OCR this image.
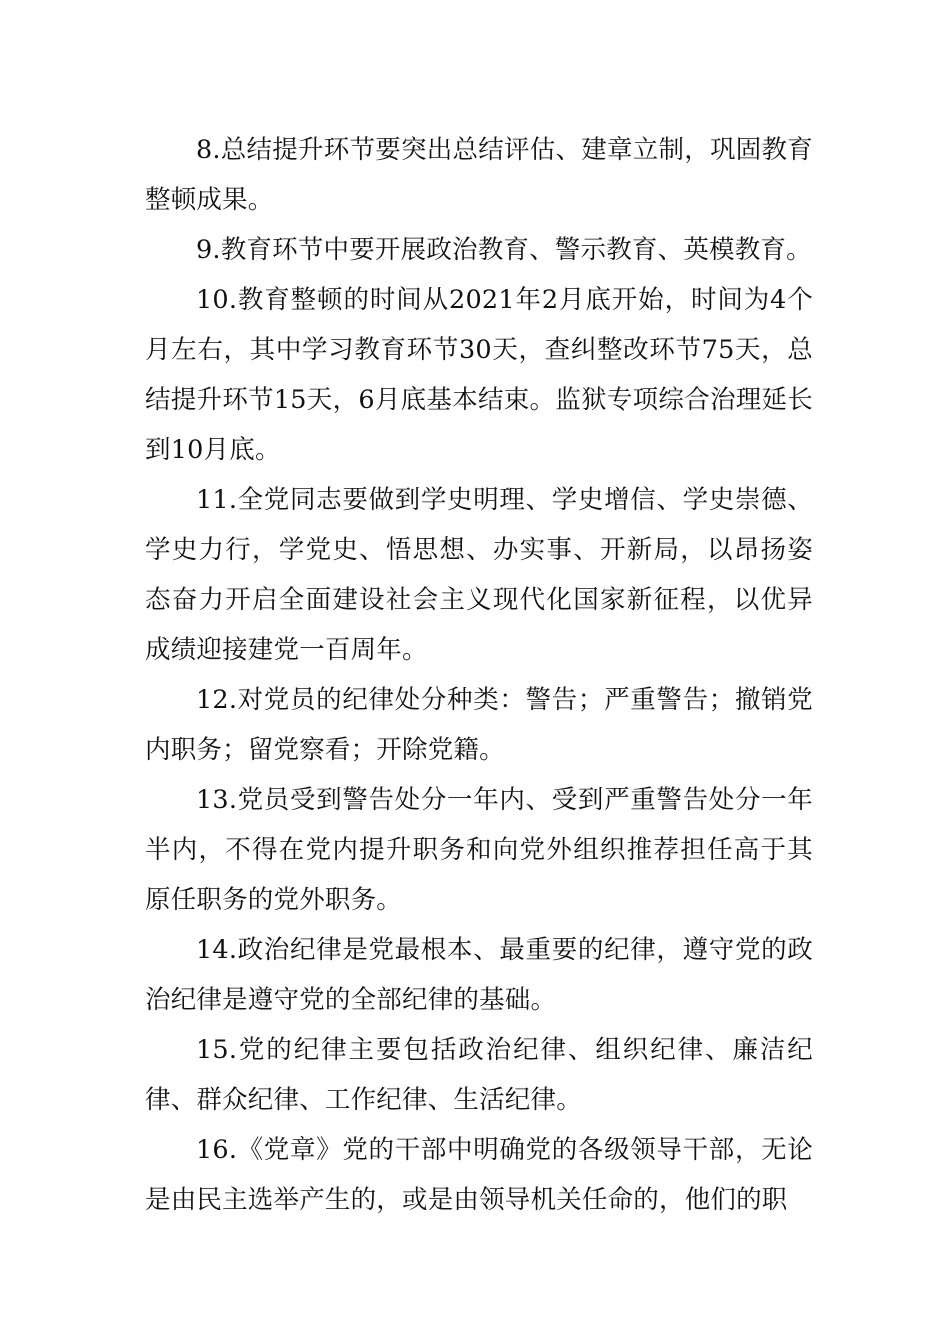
8.总结提升环节要突出总结评估、建章立制，巩固教育整顿成果。

9.教育环节中要开展政治教育、警示教育、英模教育。

10.教育整顿的时间从2021年2月底开始，时间为4个月左右，其中学习教育环节30天，查纠整改环节75天，总结提升环节15天，6月底基本结束。监狱专项综合治理延长到10月底。

11.全党同志要做到学史明理、学史增信、学史崇德、学史力行，学党史、悟思想、办实事、开新局，以昂扬姿态奋力开启全面建设社会主义现代化国家新征程，以优异成绩迎接建党一百周年。

12.对党员的纪律处分种类：警告；严重警告；撤销党内职务；留党察看；开除党籍。

13.党员受到警告处分一年内、受到严重警告处分一年半内，不得在党内提升职务和向党外组织推荐担任高于其原任职务的党外职务。

14.政治纪律是党最根本、最重要的纪律，遵守党的政治纪律是遵守党的全部纪律的基础。

15.党的纪律主要包括政治纪律、组织纪律、廉洁纪律、群众纪律、工作纪律、生活纪律。

16.《党章》党的干部中明确党的各级领导干部，无论是由民主选举产生的，或是由领导机关任命的，他们的职
